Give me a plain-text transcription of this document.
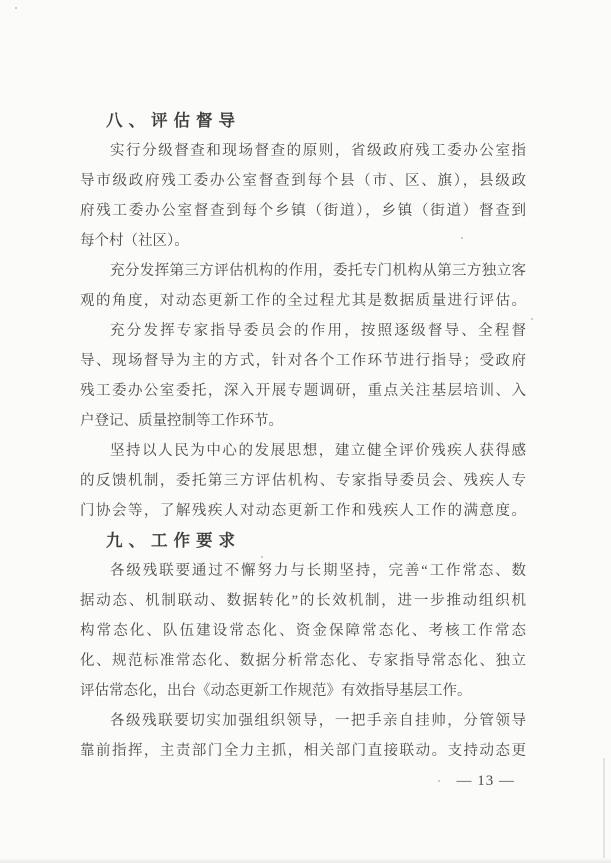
八、评估督导
实行分级督查和现场督查的原则，省级政府残工委办公室指
导市级政府残工委办公室督查到每个县（市、区、旗），县级政
府残工委办公室督查到每个乡镇（街道），乡镇（街道）督查到
每个村（社区）。
充分发挥第三方评估机构的作用，委托专门机构从第三方独立客
观的角度，对动态更新工作的全过程尤其是数据质量进行评估。
充分发挥专家指导委员会的作用，按照逐级督导、全程督
导、现场督导为主的方式，针对各个工作环节进行指导；受政府
残工委办公室委托，深入开展专题调研，重点关注基层培训、入
户登记、质量控制等工作环节。
坚持以人民为中心的发展思想，建立健全评价残疾人获得感
的反馈机制，委托第三方评估机构、专家指导委员会、残疾人专
门协会等，了解残疾人对动态更新工作和残疾人工作的满意度。
九、工作要求
各级残联要通过不懈努力与长期坚持，完善“工作常态、数
据动态、机制联动、数据转化”的长效机制，进一步推动组织机
构常态化、队伍建设常态化、资金保障常态化、考核工作常态
化、规范标准常态化、数据分析常态化、专家指导常态化、独立
评估常态化，出台《动态更新工作规范》有效指导基层工作。
各级残联要切实加强组织领导，一把手亲自挂帅，分管领导
靠前指挥，主责部门全力主抓，相关部门直接联动。支持动态更
— 13 —
